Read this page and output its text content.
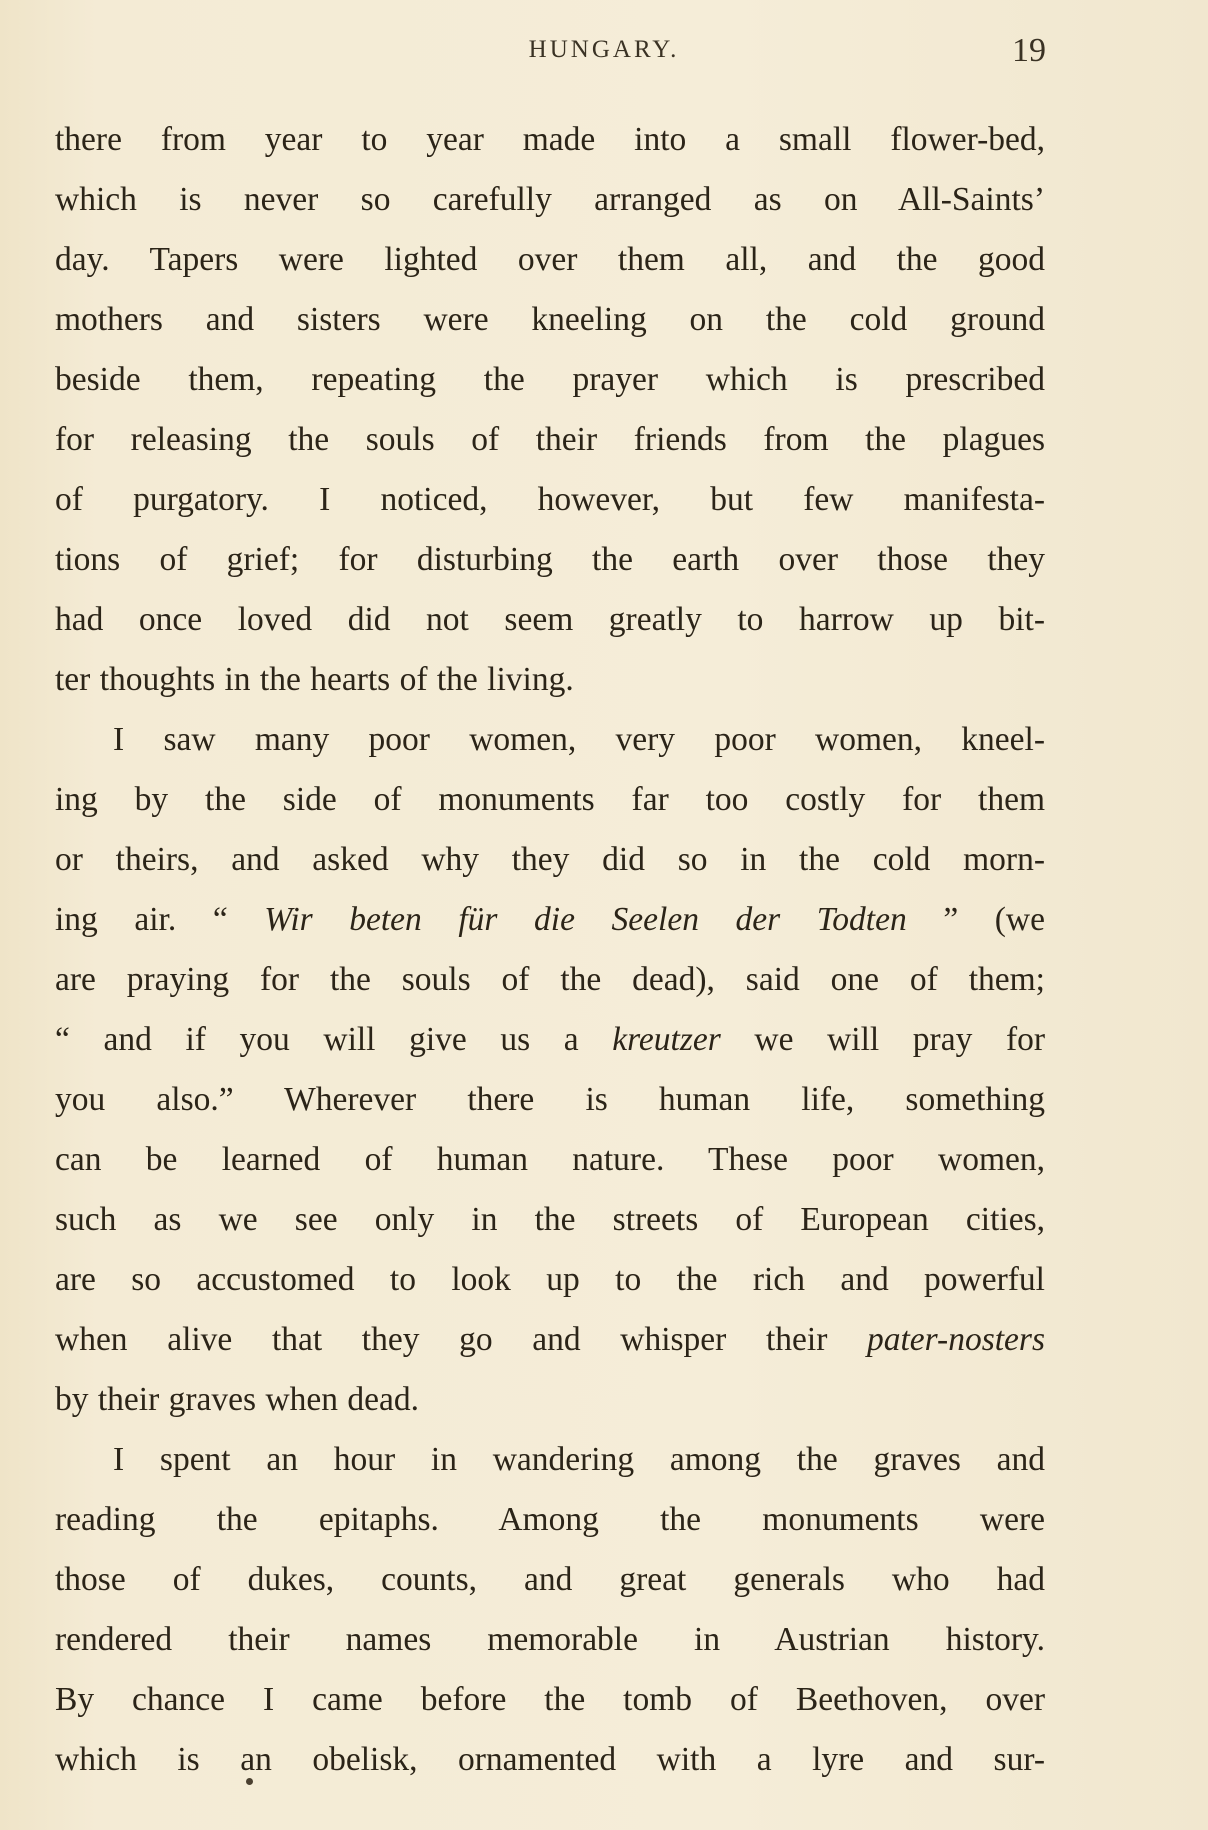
HUNGARY.	19
there from year to year made into a small flower-bed,
which is never so carefully arranged as on All-Saints’
day. Tapers were lighted over them all, and the good
mothers and sisters were kneeling on the cold ground
beside them, repeating the prayer which is prescribed
for releasing the souls of their friends from the plagues
of purgatory. I noticed, however, but few manifesta-
tions of grief; for disturbing the earth over those they
had once loved did not seem greatly to harrow up bit-
ter thoughts in the hearts of the living.
I saw many poor women, very poor women, kneel-
ing by the side of monuments far too costly for them
or theirs, and asked why they did so in the cold morn-
ing air. “ Wir beten für die Seelen der Todten ” (we
are praying for the souls of the dead), said one of them;
“ and if you will give us a kreutzer we will pray for
you also.” Wherever there is human life, something
can be learned of human nature. These poor women,
such as we see only in the streets of European cities,
are so accustomed to look up to the rich and powerful
when alive that they go and whisper their pater-nosters
by their graves when dead.
I spent an hour in wandering among the graves and
reading the epitaphs. Among the monuments were
those of dukes, counts, and great generals who had
rendered their names memorable in Austrian history.
By chance I came before the tomb of Beethoven, over
which is an obelisk, ornamented with a lyre and sur-
